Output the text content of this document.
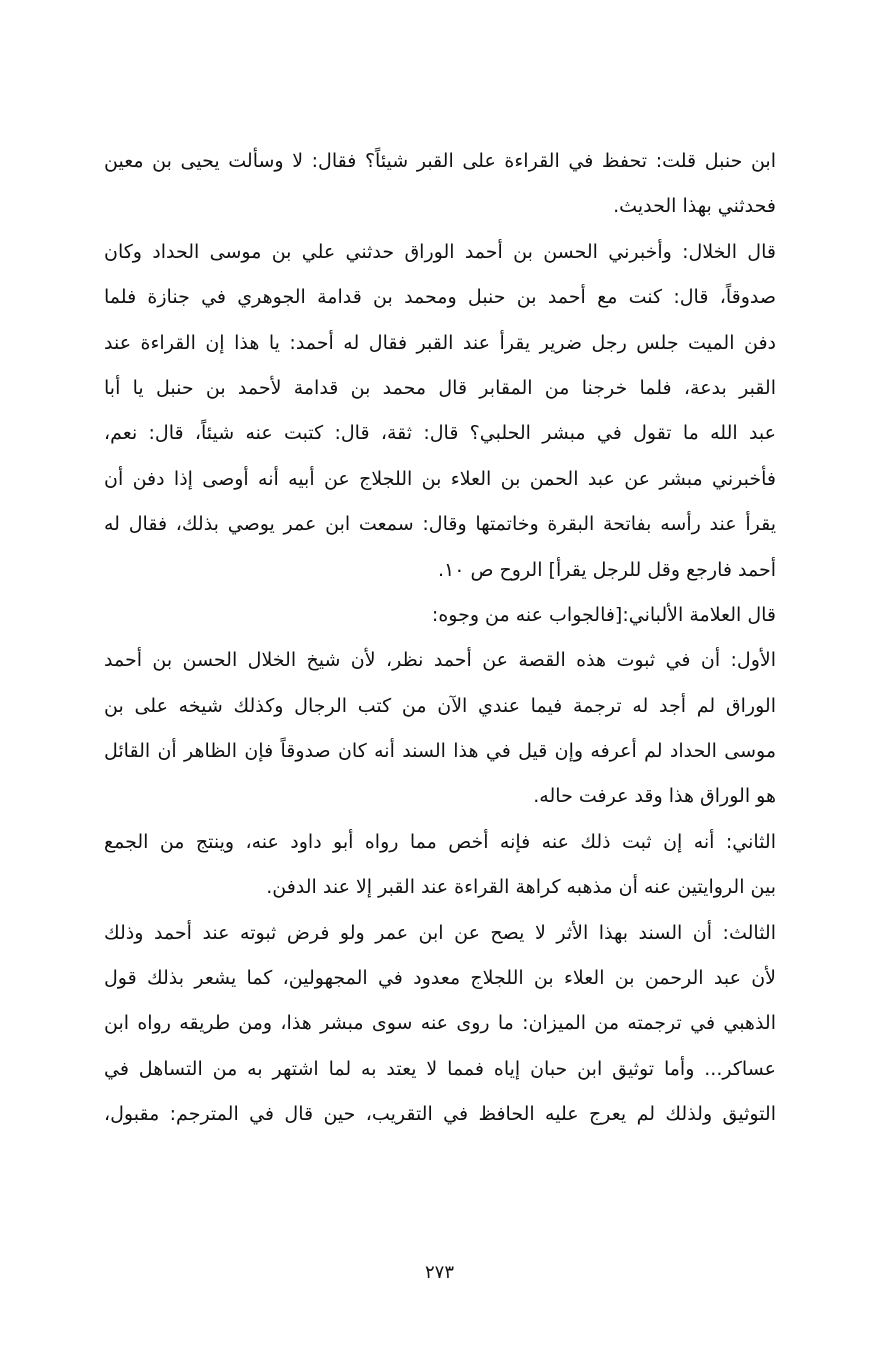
ابن حنبل قلت: تحفظ في القراءة على القبر شيئاً؟ فقال: لا وسألت يحيى بن معين
فحدثني بهذا الحديث.
قال الخلال: وأخبرني الحسن بن أحمد الوراق حدثني علي بن موسى الحداد وكان
صدوقاً، قال: كنت مع أحمد بن حنبل ومحمد بن قدامة الجوهري في جنازة فلما
دفن الميت جلس رجل ضرير يقرأ عند القبر فقال له أحمد: يا هذا إن القراءة عند
القبر بدعة، فلما خرجنا من المقابر قال محمد بن قدامة لأحمد بن حنبل يا أبا
عبد الله ما تقول في مبشر الحلبي؟ قال: ثقة، قال: كتبت عنه شيئاً، قال: نعم،
فأخبرني مبشر عن عبد الحمن بن العلاء بن اللجلاج عن أبيه أنه أوصى إذا دفن أن
يقرأ عند رأسه بفاتحة البقرة وخاتمتها وقال: سمعت ابن عمر يوصي بذلك، فقال له
أحمد فارجع وقل للرجل يقرأ] الروح ص ١٠.
قال العلامة الألباني:[فالجواب عنه من وجوه:
الأول: أن في ثبوت هذه القصة عن أحمد نظر، لأن شيخ الخلال الحسن بن أحمد
الوراق لم أجد له ترجمة فيما عندي الآن من كتب الرجال وكذلك شيخه على بن
موسى الحداد لم أعرفه وإن قيل في هذا السند أنه كان صدوقاً فإن الظاهر أن القائل
هو الوراق هذا وقد عرفت حاله.
الثاني: أنه إن ثبت ذلك عنه فإنه أخص مما رواه أبو داود عنه، وينتج من الجمع
بين الروايتين عنه أن مذهبه كراهة القراءة عند القبر إلا عند الدفن.
الثالث: أن السند بهذا الأثر لا يصح عن ابن عمر ولو فرض ثبوته عند أحمد وذلك
لأن عبد الرحمن بن العلاء بن اللجلاج معدود في المجهولين، كما يشعر بذلك قول
الذهبي في ترجمته من الميزان: ما روى عنه سوى مبشر هذا، ومن طريقه رواه ابن
عساكر... وأما توثيق ابن حبان إياه فمما لا يعتد به لما اشتهر به من التساهل في
التوثيق ولذلك لم يعرج عليه الحافظ في التقريب، حين قال في المترجم: مقبول،
٢٧٣
